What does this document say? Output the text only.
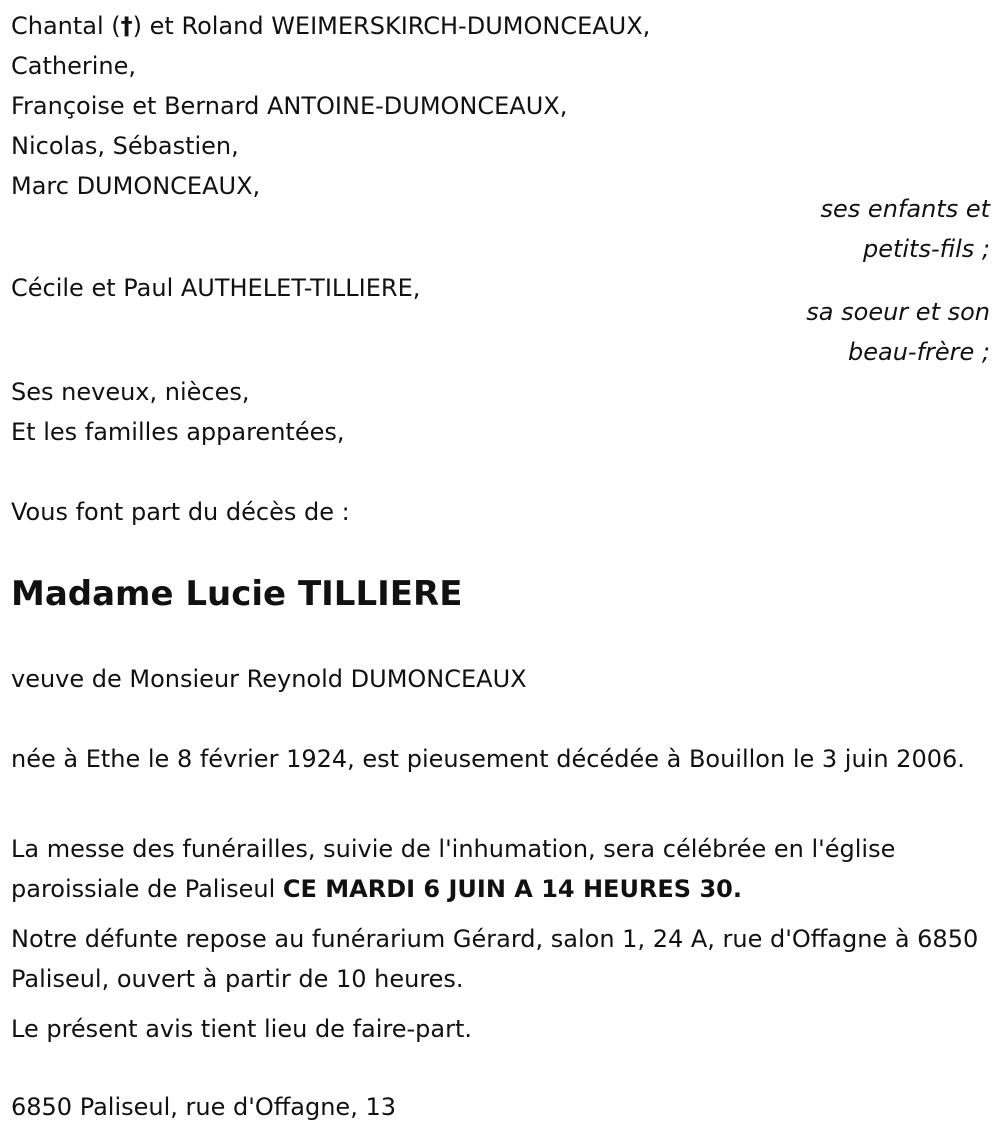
Chantal (†) et Roland WEIMERSKIRCH-DUMONCEAUX,
Catherine,
Françoise et Bernard ANTOINE-DUMONCEAUX,
Nicolas, Sébastien,
Marc DUMONCEAUX,
ses enfants et
petits-fils ;
Cécile et Paul AUTHELET-TILLIERE,
sa soeur et son
beau-frère ;
Ses neveux, nièces,
Et les familles apparentées,
Vous font part du décès de :
Madame Lucie TILLIERE
veuve de Monsieur Reynold DUMONCEAUX
née à Ethe le 8 février 1924, est pieusement décédée à Bouillon le 3 juin 2006.
La messe des funérailles, suivie de l'inhumation, sera célébrée en l'église paroissiale de Paliseul CE MARDI 6 JUIN A 14 HEURES 30.
Notre défunte repose au funérarium Gérard, salon 1, 24 A, rue d'Offagne à 6850 Paliseul, ouvert à partir de 10 heures.
Le présent avis tient lieu de faire-part.
6850 Paliseul, rue d'Offagne, 13
